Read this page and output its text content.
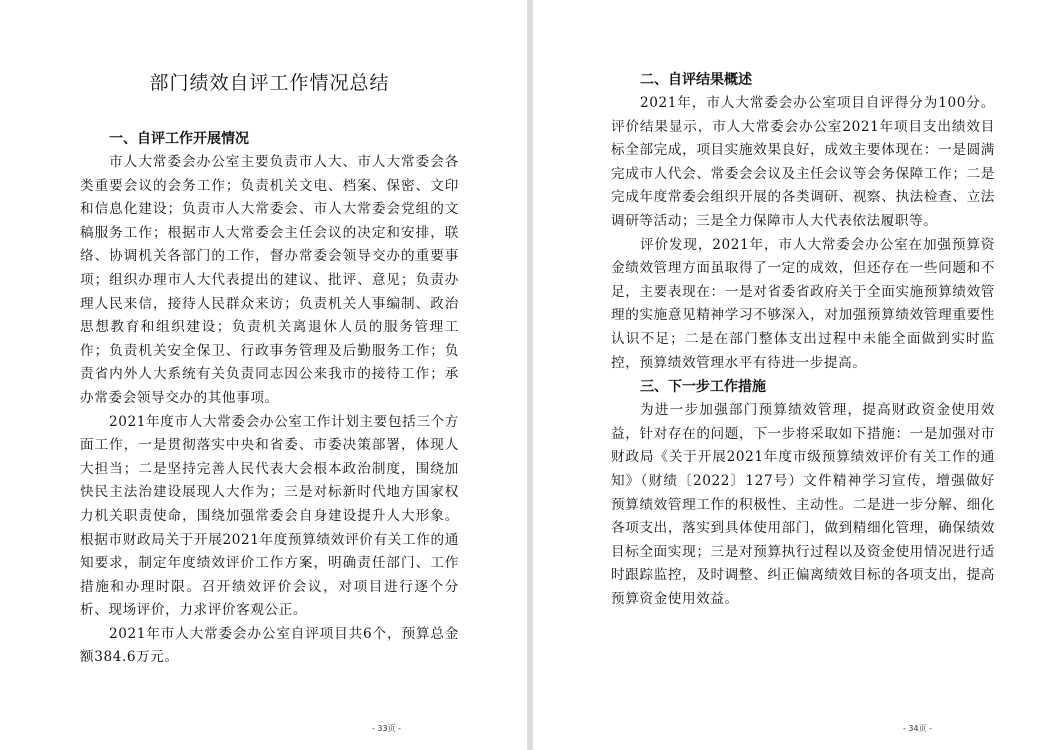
部门绩效自评工作情况总结
一、自评工作开展情况

市人大常委会办公室主要负责市人大、市人大常委会各类重要会议的会务工作；负责机关文电、档案、保密、文印和信息化建设；负责市人大常委会、市人大常委会党组的文稿服务工作；根据市人大常委会主任会议的决定和安排，联络、协调机关各部门的工作，督办常委会领导交办的重要事项；组织办理市人大代表提出的建议、批评、意见；负责办理人民来信，接待人民群众来访；负责机关人事编制、政治思想教育和组织建设；负责机关离退休人员的服务管理工作；负责机关安全保卫、行政事务管理及后勤服务工作；负责省内外人大系统有关负责同志因公来我市的接待工作；承办常委会领导交办的其他事项。

2021年度市人大常委会办公室工作计划主要包括三个方面工作，一是贯彻落实中央和省委、市委决策部署，体现人大担当；二是坚持完善人民代表大会根本政治制度，围绕加快民主法治建设展现人大作为；三是对标新时代地方国家权力机关职责使命，围绕加强常委会自身建设提升人大形象。根据市财政局关于开展2021年度预算绩效评价有关工作的通知要求，制定年度绩效评价工作方案，明确责任部门、工作措施和办理时限。召开绩效评价会议，对项目进行逐个分析、现场评价，力求评价客观公正。

2021年市人大常委会办公室自评项目共6个，预算总金额384.6万元。

- 33页 -
二、自评结果概述

2021年，市人大常委会办公室项目自评得分为100分。评价结果显示，市人大常委会办公室2021年项目支出绩效目标全部完成，项目实施效果良好，成效主要体现在：一是圆满完成市人代会、常委会会议及主任会议等会务保障工作；二是完成年度常委会组织开展的各类调研、视察、执法检查、立法调研等活动；三是全力保障市人大代表依法履职等。

评价发现，2021年，市人大常委会办公室在加强预算资金绩效管理方面虽取得了一定的成效，但还存在一些问题和不足，主要表现在：一是对省委省政府关于全面实施预算绩效管理的实施意见精神学习不够深入，对加强预算绩效管理重要性认识不足；二是在部门整体支出过程中未能全面做到实时监控，预算绩效管理水平有待进一步提高。

三、下一步工作措施

为进一步加强部门预算绩效管理，提高财政资金使用效益，针对存在的问题，下一步将采取如下措施：一是加强对市财政局《关于开展2021年度市级预算绩效评价有关工作的通知》（财绩〔2022〕127号）文件精神学习宣传，增强做好预算绩效管理工作的积极性、主动性。二是进一步分解、细化各项支出，落实到具体使用部门，做到精细化管理，确保绩效目标全面实现；三是对预算执行过程以及资金使用情况进行适时跟踪监控，及时调整、纠正偏离绩效目标的各项支出，提高预算资金使用效益。

- 34页 -
